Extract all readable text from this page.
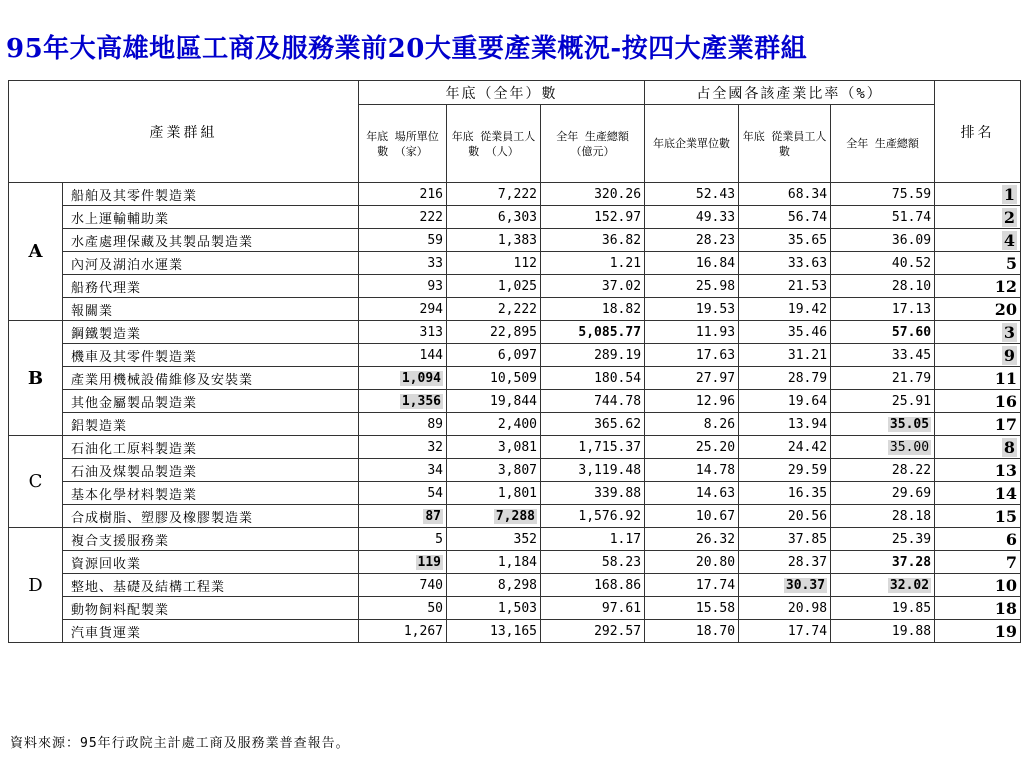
95年大高雄地區工商及服務業前20大重要產業概況-按四大產業群組
產業群組		年底（全年）數			占全國各該產業比率（%）			排名
		年底 場所單位數 （家）	年底 從業員工人數 （人）	全年 生產總額 （億元）	年底企業單位數	年底 從業員工人數	全年 生產總額	
A	船舶及其零件製造業	216	7,222	320.26	52.43	68.34	75.59	1
	水上運輸輔助業	222	6,303	152.97	49.33	56.74	51.74	2
	水產處理保藏及其製品製造業	59	1,383	36.82	28.23	35.65	36.09	4
	內河及湖泊水運業	33	112	1.21	16.84	33.63	40.52	5
	船務代理業	93	1,025	37.02	25.98	21.53	28.10	12
	報關業	294	2,222	18.82	19.53	19.42	17.13	20
B	鋼鐵製造業	313	22,895	5,085.77	11.93	35.46	57.60	3
	機車及其零件製造業	144	6,097	289.19	17.63	31.21	33.45	9
	產業用機械設備維修及安裝業	1,094	10,509	180.54	27.97	28.79	21.79	11
	其他金屬製品製造業	1,356	19,844	744.78	12.96	19.64	25.91	16
	鋁製造業	89	2,400	365.62	8.26	13.94	35.05	17
C	石油化工原料製造業	32	3,081	1,715.37	25.20	24.42	35.00	8
	石油及煤製品製造業	34	3,807	3,119.48	14.78	29.59	28.22	13
	基本化學材料製造業	54	1,801	339.88	14.63	16.35	29.69	14
	合成樹脂、塑膠及橡膠製造業	87	7,288	1,576.92	10.67	20.56	28.18	15
D	複合支援服務業	5	352	1.17	26.32	37.85	25.39	6
	資源回收業	119	1,184	58.23	20.80	28.37	37.28	7
	整地、基礎及結構工程業	740	8,298	168.86	17.74	30.37	32.02	10
	動物飼料配製業	50	1,503	97.61	15.58	20.98	19.85	18
	汽車貨運業	1,267	13,165	292.57	18.70	17.74	19.88	19
資料來源：95年行政院主計處工商及服務業普查報告。
